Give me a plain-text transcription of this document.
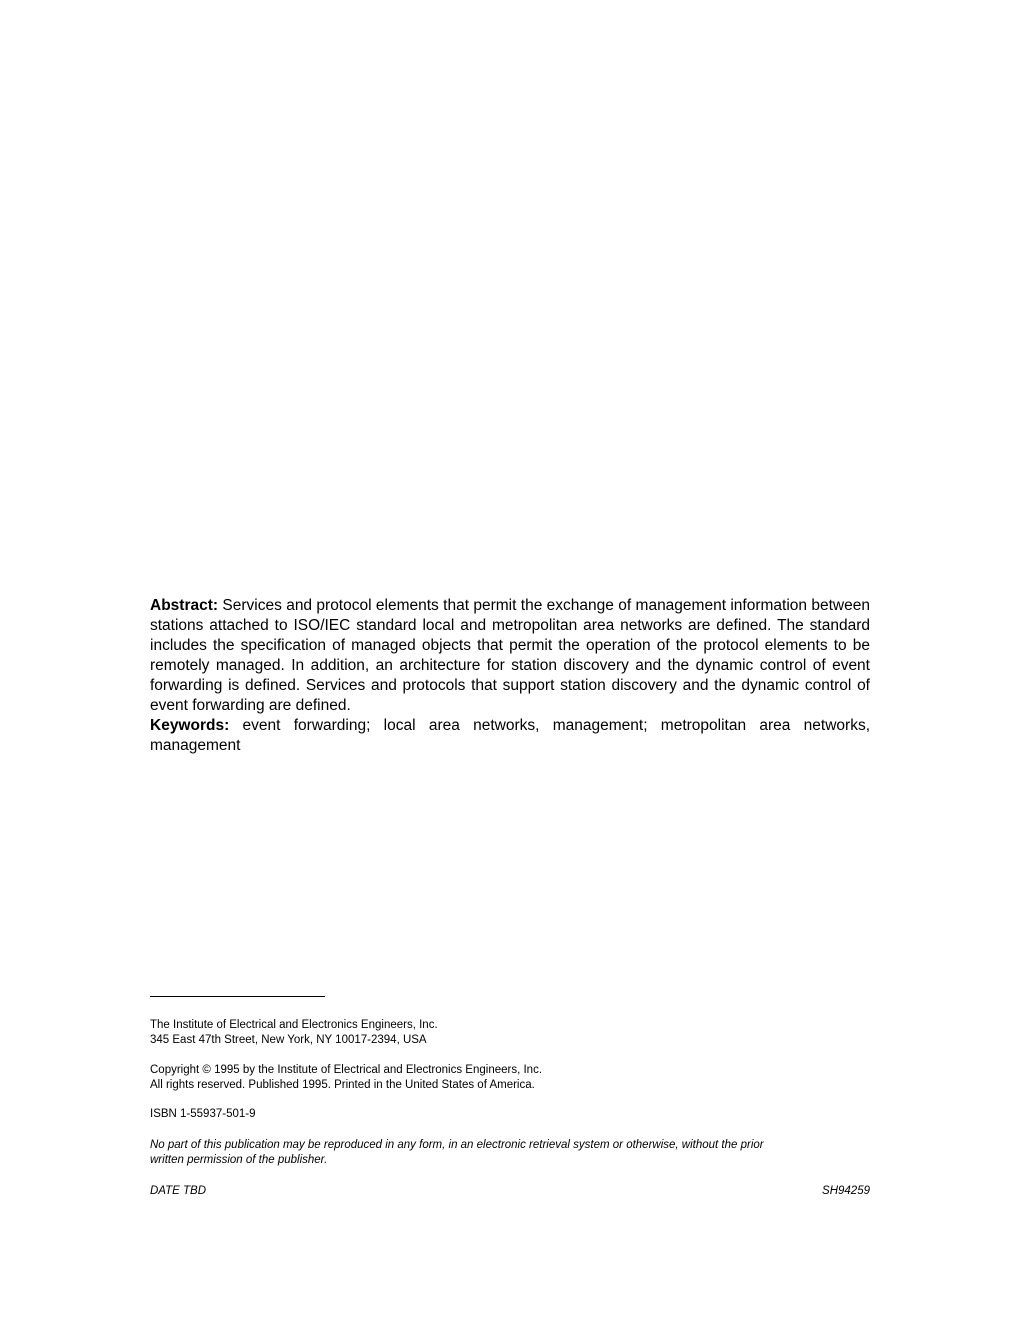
Abstract: Services and protocol elements that permit the exchange of management information between stations attached to ISO/IEC standard local and metropolitan area networks are defined. The standard includes the specification of managed objects that permit the operation of the protocol elements to be remotely managed. In addition, an architecture for station discovery and the dynamic control of event forwarding is defined. Services and protocols that support station discovery and the dynamic control of event forwarding are defined.

Keywords: event forwarding; local area networks, management; metropolitan area networks, management

The Institute of Electrical and Electronics Engineers, Inc.
345 East 47th Street, New York, NY 10017-2394, USA
Copyright © 1995 by the Institute of Electrical and Electronics Engineers, Inc.
All rights reserved. Published 1995. Printed in the United States of America.
ISBN 1-55937-501-9
No part of this publication may be reproduced in any form, in an electronic retrieval system or otherwise, without the prior
written permission of the publisher.
DATE TBD	SH94259
